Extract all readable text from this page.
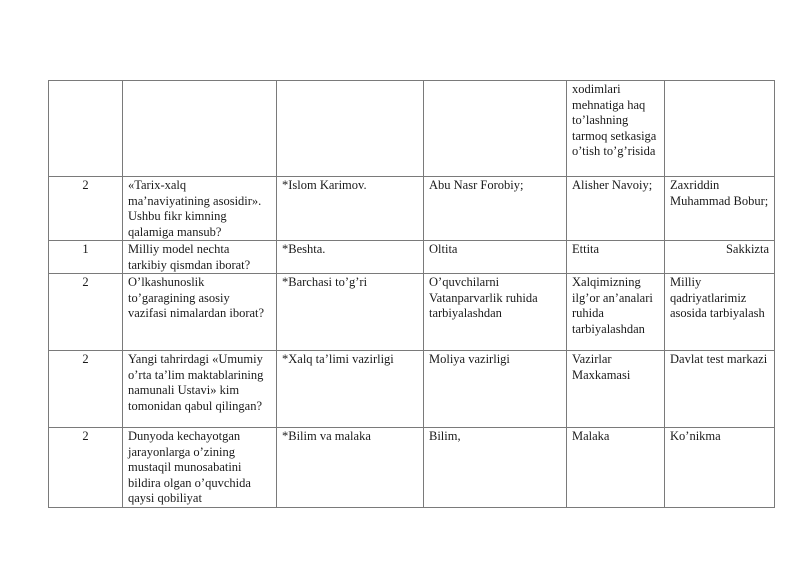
				xodimlari mehnatiga haq to’lashning tarmoq setkasiga o’tish to’g’risida	
2	«Tarix-xalq ma’naviyatining asosidir». Ushbu fikr kimning qalamiga mansub?	*Islom Karimov.	Abu Nasr Forobiy;	Alisher Navoiy;	Zaxriddin Muhammad Bobur;
1	Milliy model nechta tarkibiy qismdan iborat?	*Beshta.	Oltita	Ettita	Sakkizta
2	O’lkashunoslik to’garagining asosiy vazifasi nimalardan iborat?	*Barchasi to’g’ri	O’quvchilarni Vatanparvarlik ruhida tarbiyalashdan	Xalqimizning ilg’or an’analari ruhida tarbiyalashdan	Milliy qadriyatlarimiz asosida tarbiyalash
2	Yangi tahrirdagi «Umumiy o’rta ta’lim maktablarining namunali Ustavi» kim tomonidan qabul qilingan?	*Xalq ta’limi vazirligi	Moliya vazirligi	Vazirlar Maxkamasi	Davlat test markazi
2	Dunyoda kechayotgan jarayonlarga o’zining mustaqil munosabatini bildira olgan o’quvchida qaysi qobiliyat	*Bilim va malaka	Bilim,	Malaka	Ko’nikma
